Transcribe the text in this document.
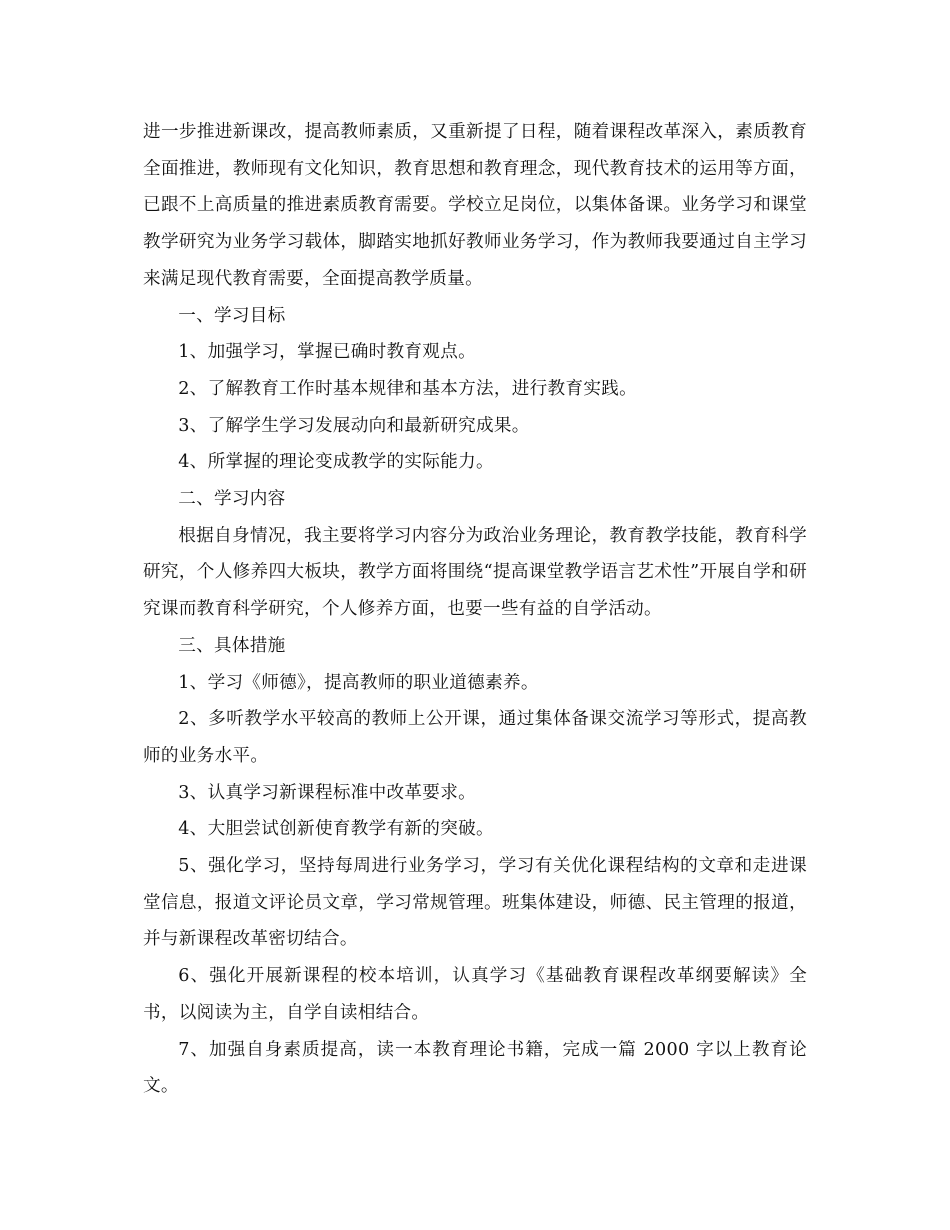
进一步推进新课改，提高教师素质，又重新提了日程，随着课程改革深入，素质教育全面推进，教师现有文化知识，教育思想和教育理念，现代教育技术的运用等方面，已跟不上高质量的推进素质教育需要。学校立足岗位，以集体备课。业务学习和课堂教学研究为业务学习载体，脚踏实地抓好教师业务学习，作为教师我要通过自主学习来满足现代教育需要，全面提高教学质量。

一、学习目标

1、加强学习，掌握已确时教育观点。

2、了解教育工作时基本规律和基本方法，进行教育实践。

3、了解学生学习发展动向和最新研究成果。

4、所掌握的理论变成教学的实际能力。

二、学习内容

根据自身情况，我主要将学习内容分为政治业务理论，教育教学技能，教育科学研究，个人修养四大板块，教学方面将围绕“提高课堂教学语言艺术性”开展自学和研究课而教育科学研究，个人修养方面，也要一些有益的自学活动。

三、具体措施

1、学习《师德》，提高教师的职业道德素养。

2、多听教学水平较高的教师上公开课，通过集体备课交流学习等形式，提高教师的业务水平。

3、认真学习新课程标准中改革要求。

4、大胆尝试创新使育教学有新的突破。

5、强化学习，坚持每周进行业务学习，学习有关优化课程结构的文章和走进课堂信息，报道文评论员文章，学习常规管理。班集体建设，师德、民主管理的报道，并与新课程改革密切结合。

6、强化开展新课程的校本培训，认真学习《基础教育课程改革纲要解读》全书，以阅读为主，自学自读相结合。

7、加强自身素质提高，读一本教育理论书籍，完成一篇 2000 字以上教育论文。
